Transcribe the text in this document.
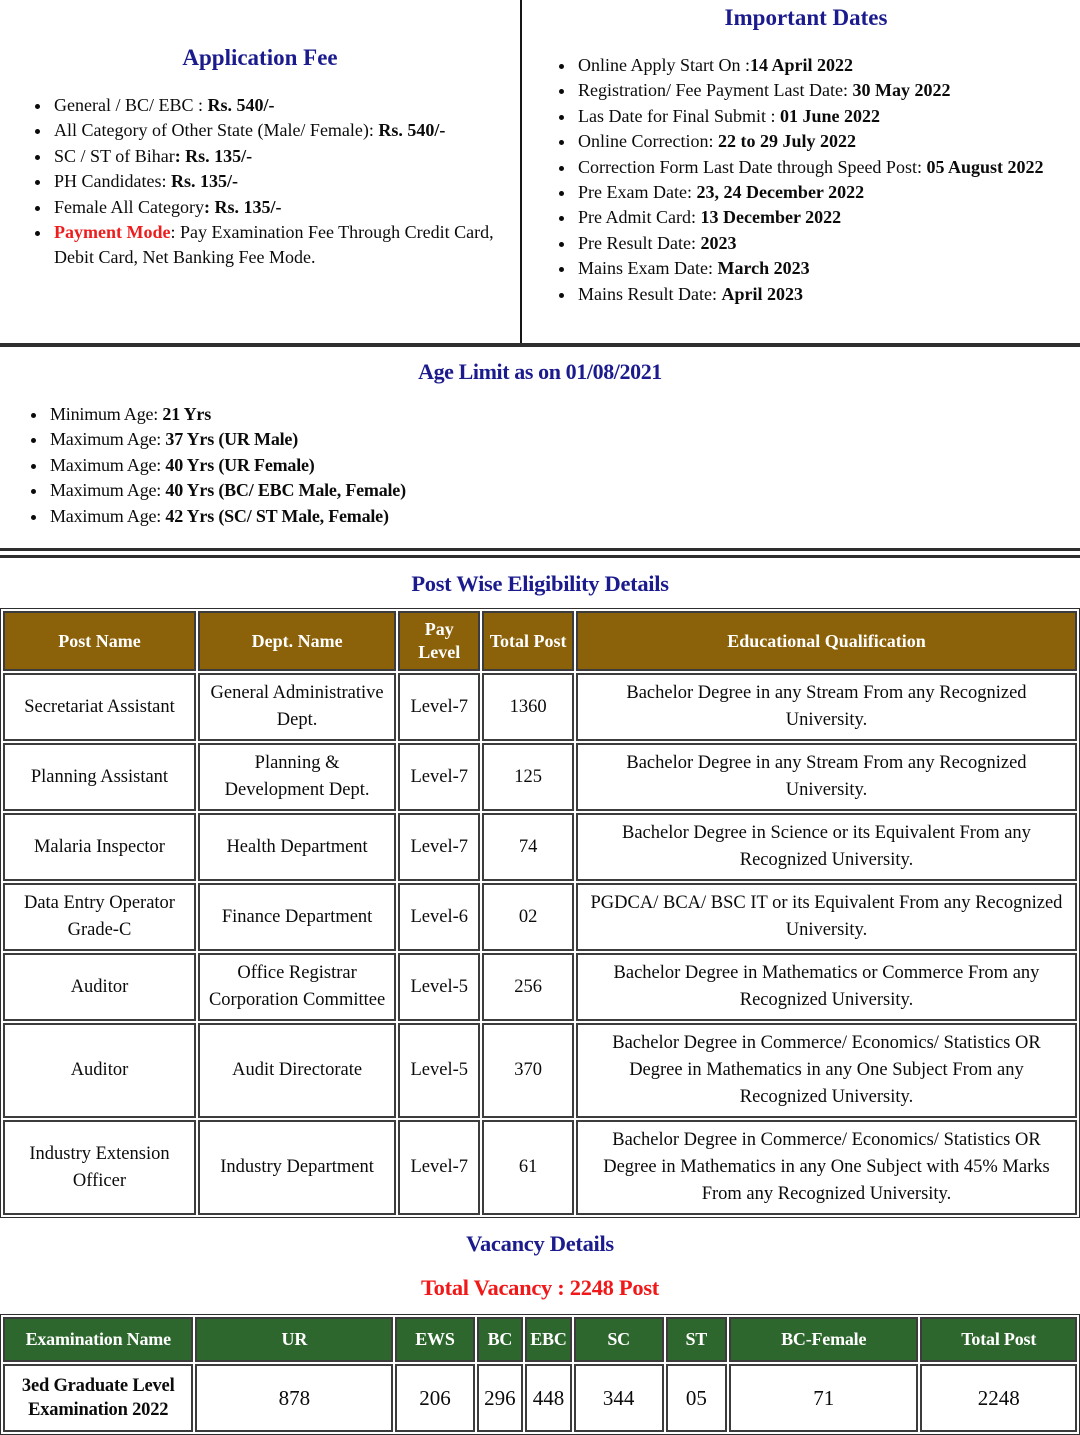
Application Fee
• General / BC/ EBC : Rs. 540/-
• All Category of Other State (Male/ Female): Rs. 540/-
• SC / ST of Bihar: Rs. 135/-
• PH Candidates: Rs. 135/-
• Female All Category: Rs. 135/-
• Payment Mode: Pay Examination Fee Through Credit Card, Debit Card, Net Banking Fee Mode.
Important Dates
• Online Apply Start On :14 April 2022
• Registration/ Fee Payment Last Date: 30 May 2022
• Las Date for Final Submit : 01 June 2022
• Online Correction: 22 to 29 July 2022
• Correction Form Last Date through Speed Post: 05 August 2022
• Pre Exam Date: 23, 24 December 2022
• Pre Admit Card: 13 December 2022
• Pre Result Date: 2023
• Mains Exam Date: March 2023
• Mains Result Date: April 2023
Age Limit as on 01/08/2021
• Minimum Age: 21 Yrs
• Maximum Age: 37 Yrs (UR Male)
• Maximum Age: 40 Yrs (UR Female)
• Maximum Age: 40 Yrs (BC/ EBC Male, Female)
• Maximum Age: 42 Yrs (SC/ ST Male, Female)
Post Wise Eligibility Details
Post Name	Dept. Name	Pay Level	Total Post	Educational Qualification
Secretariat Assistant	General Administrative Dept.	Level-7	1360	Bachelor Degree in any Stream From any Recognized University.
Planning Assistant	Planning & Development Dept.	Level-7	125	Bachelor Degree in any Stream From any Recognized University.
Malaria Inspector	Health Department	Level-7	74	Bachelor Degree in Science or its Equivalent From any Recognized University.
Data Entry Operator Grade-C	Finance Department	Level-6	02	PGDCA/ BCA/ BSC IT or its Equivalent From any Recognized University.
Auditor	Office Registrar Corporation Committee	Level-5	256	Bachelor Degree in Mathematics or Commerce From any Recognized University.
Auditor	Audit Directorate	Level-5	370	Bachelor Degree in Commerce/ Economics/ Statistics OR Degree in Mathematics in any One Subject From any Recognized University.
Industry Extension Officer	Industry Department	Level-7	61	Bachelor Degree in Commerce/ Economics/ Statistics OR Degree in Mathematics in any One Subject with 45% Marks From any Recognized University.
Vacancy Details
Total Vacancy : 2248 Post
Examination Name	UR	EWS	BC	EBC	SC	ST	BC-Female	Total Post
3ed Graduate Level Examination 2022	878	206	296	448	344	05	71	2248
